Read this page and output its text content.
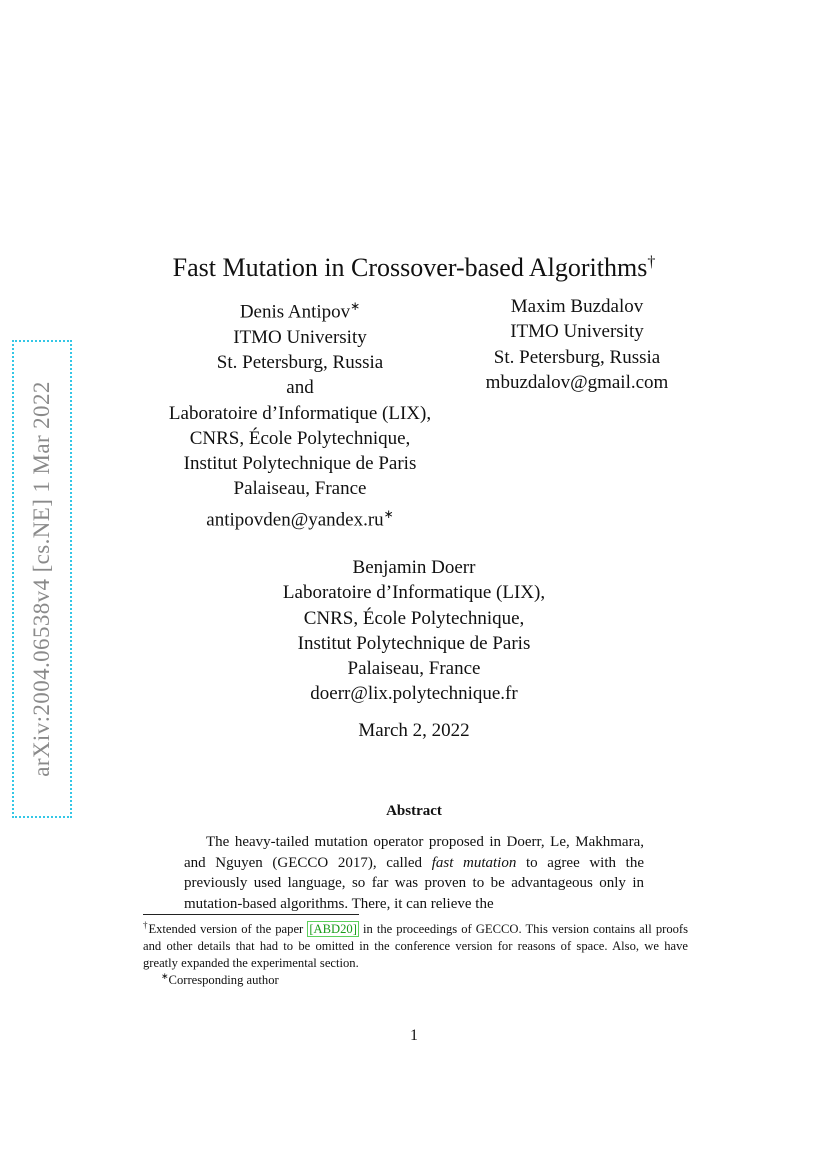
arXiv:2004.06538v4 [cs.NE] 1 Mar 2022
Fast Mutation in Crossover-based Algorithms†
Denis Antipov∗
ITMO University
St. Petersburg, Russia
and
Laboratoire d’Informatique (LIX),
CNRS, École Polytechnique,
Institut Polytechnique de Paris
Palaiseau, France
antipovden@yandex.ru∗
Maxim Buzdalov
ITMO University
St. Petersburg, Russia
mbuzdalov@gmail.com
Benjamin Doerr
Laboratoire d’Informatique (LIX),
CNRS, École Polytechnique,
Institut Polytechnique de Paris
Palaiseau, France
doerr@lix.polytechnique.fr
March 2, 2022
Abstract

The heavy-tailed mutation operator proposed in Doerr, Le, Makhmara, and Nguyen (GECCO 2017), called fast mutation to agree with the previously used language, so far was proven to be advantageous only in mutation-based algorithms. There, it can relieve the

†Extended version of the paper [ABD20] in the proceedings of GECCO. This version contains all proofs and other details that had to be omitted in the conference version for reasons of space. Also, we have greatly expanded the experimental section.

∗Corresponding author

1
